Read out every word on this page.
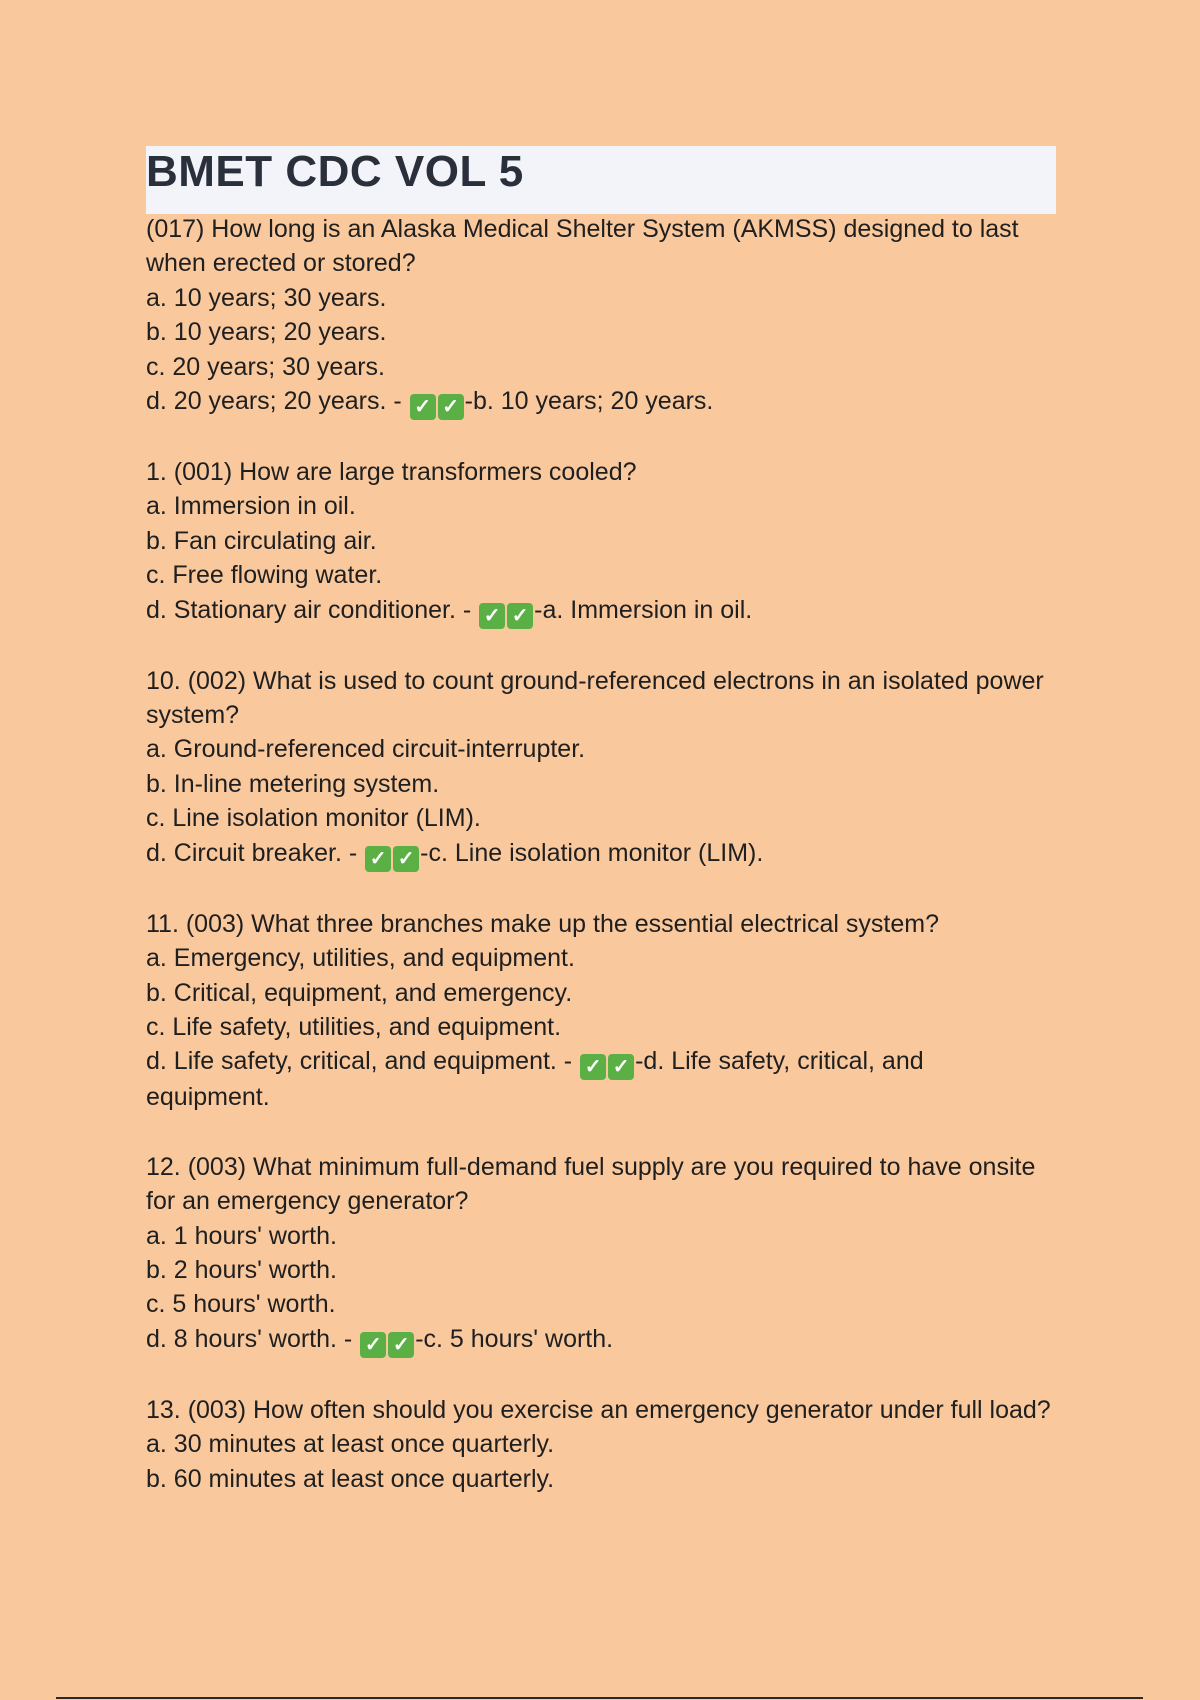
BMET CDC VOL 5
(017) How long is an Alaska Medical Shelter System (AKMSS) designed to last when erected or stored?
a. 10 years; 30 years.
b. 10 years; 20 years.
c. 20 years; 30 years.
d. 20 years; 20 years. - ✓ ✓ -b. 10 years; 20 years.
1. (001) How are large transformers cooled?
a. Immersion in oil.
b. Fan circulating air.
c. Free flowing water.
d. Stationary air conditioner. - ✓ ✓ -a. Immersion in oil.
10. (002) What is used to count ground-referenced electrons in an isolated power system?
a. Ground-referenced circuit-interrupter.
b. In-line metering system.
c. Line isolation monitor (LIM).
d. Circuit breaker. - ✓ ✓ -c. Line isolation monitor (LIM).
11. (003) What three branches make up the essential electrical system?
a. Emergency, utilities, and equipment.
b. Critical, equipment, and emergency.
c. Life safety, utilities, and equipment.
d. Life safety, critical, and equipment. - ✓ ✓ -d. Life safety, critical, and
equipment.
12. (003) What minimum full-demand fuel supply are you required to have onsite for an emergency generator?
a. 1 hours' worth.
b. 2 hours' worth.
c. 5 hours' worth.
d. 8 hours' worth. - ✓ ✓ -c. 5 hours' worth.
13. (003) How often should you exercise an emergency generator under full load?
a. 30 minutes at least once quarterly.
b. 60 minutes at least once quarterly.
